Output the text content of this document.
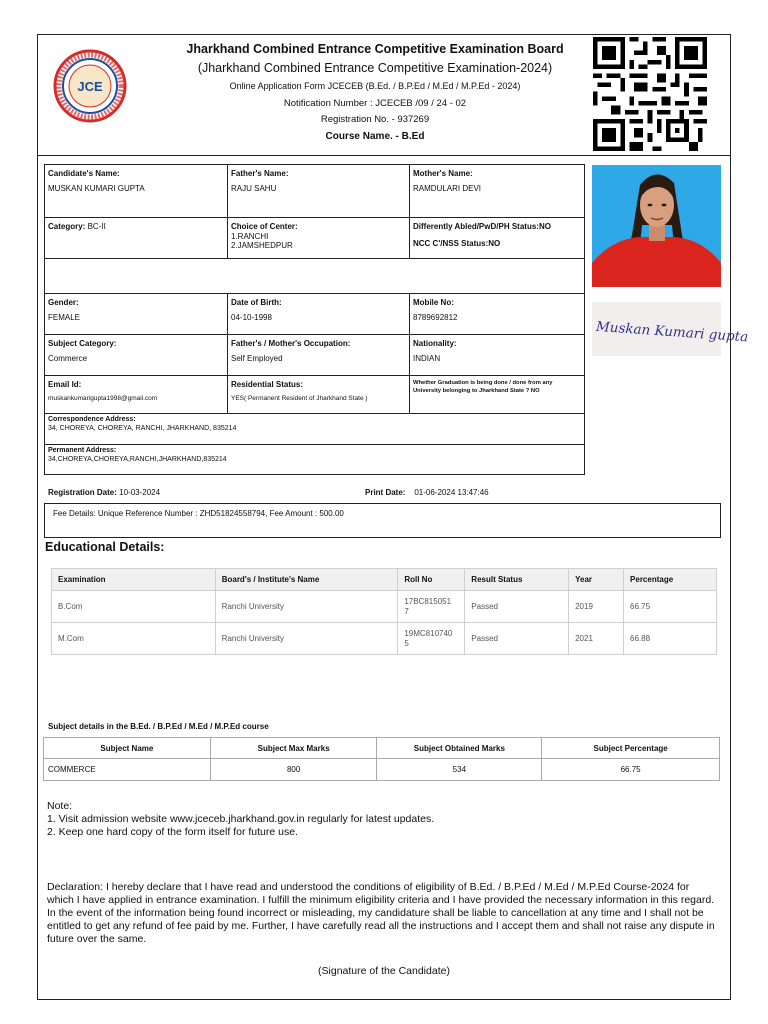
JCE
Jharkhand Combined Entrance Competitive Examination Board
(Jharkhand Combined Entrance Competitive Examination-2024)
Online Application Form JCECEB (B.Ed. / B.P.Ed / M.Ed / M.P.Ed - 2024)
Notification Number : JCECEB /09 / 24 - 02
Registration No. - 937269
Course Name. - B.Ed
Candidate's Name:
MUSKAN KUMARI GUPTA
Father's Name:
RAJU SAHU
Mother's Name:
RAMDULARI DEVI
Category: BC-II	Choice of Center:
1.RANCHI
2.JAMSHEDPUR
Differently Abled/PwD/PH Status:NO
NCC C'/NSS Status:NO
Gender:
FEMALE
Date of Birth:
04-10-1998
Mobile No:
8789692812
Subject Category:
Commerce
Father's / Mother's Occupation:
Self Employed
Nationality:
INDIAN
Email Id:
muskankumarigupta1998@gmail.com
Residential Status:
YES( Permanent Resident of Jharkhand State )
Whether Graduation is being done / done from any University belonging to Jharkhand State ? NO
Correspondence Address:
34, CHOREYA, CHOREYA, RANCHI, JHARKHAND, 835214
Permanent Address:
34,CHOREYA,CHOREYA,RANCHI,JHARKHAND,835214
Muskan Kumari gupta
Registration Date: 10-03-2024	Print Date: 01-06-2024 13:47:46
Fee Details: Unique Reference Number : ZHD51824558794, Fee Amount : 500.00
Educational Details:
Examination	Board's / Institute's Name	Roll No	Result Status	Year	Percentage
B.Com	Ranchi University	17BC815051
7	Passed	2019	66.75
M.Com	Ranchi University	19MC810740
5	Passed	2021	66.88
Subject details in the B.Ed. / B.P.Ed / M.Ed / M.P.Ed course
Subject Name	Subject Max Marks	Subject Obtained Marks	Subject Percentage
COMMERCE	800	534	66.75
Note:
1. Visit admission website www.jceceb.jharkhand.gov.in regularly for latest updates.
2. Keep one hard copy of the form itself for future use.
Declaration: I hereby declare that I have read and understood the conditions of eligibility of B.Ed. / B.P.Ed / M.Ed / M.P.Ed Course-2024 for which I have applied in entrance examination. I fulfill the minimum eligibility criteria and I have provided the necessary information in this regard. In the event of the information being found incorrect or misleading, my candidature shall be liable to cancellation at any time and I shall not be entitled to get any refund of fee paid by me. Further, I have carefully read all the instructions and I accept them and shall not raise any dispute in future over the same.
(Signature of the Candidate)
